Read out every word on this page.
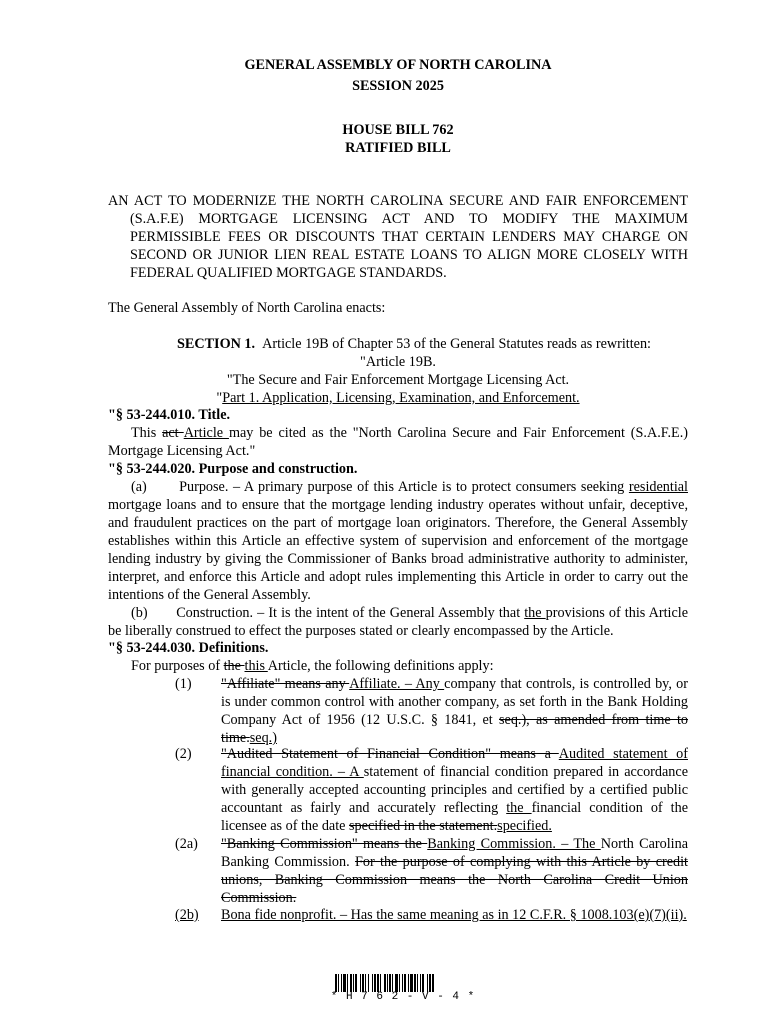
GENERAL ASSEMBLY OF NORTH CAROLINA
SESSION 2025
HOUSE BILL 762
RATIFIED BILL
AN ACT TO MODERNIZE THE NORTH CAROLINA SECURE AND FAIR ENFORCEMENT (S.A.F.E) MORTGAGE LICENSING ACT AND TO MODIFY THE MAXIMUM PERMISSIBLE FEES OR DISCOUNTS THAT CERTAIN LENDERS MAY CHARGE ON SECOND OR JUNIOR LIEN REAL ESTATE LOANS TO ALIGN MORE CLOSELY WITH FEDERAL QUALIFIED MORTGAGE STANDARDS.
The General Assembly of North Carolina enacts:
SECTION 1. Article 19B of Chapter 53 of the General Statutes reads as rewritten:
"Article 19B.
"The Secure and Fair Enforcement Mortgage Licensing Act.
"Part 1. Application, Licensing, Examination, and Enforcement.
"§ 53-244.010. Title.
This act Article may be cited as the "North Carolina Secure and Fair Enforcement (S.A.F.E.) Mortgage Licensing Act."
"§ 53-244.020. Purpose and construction.
(a) Purpose. – A primary purpose of this Article is to protect consumers seeking residential mortgage loans and to ensure that the mortgage lending industry operates without unfair, deceptive, and fraudulent practices on the part of mortgage loan originators. Therefore, the General Assembly establishes within this Article an effective system of supervision and enforcement of the mortgage lending industry by giving the Commissioner of Banks broad administrative authority to administer, interpret, and enforce this Article and adopt rules implementing this Article in order to carry out the intentions of the General Assembly.
(b) Construction. – It is the intent of the General Assembly that the provisions of this Article be liberally construed to effect the purposes stated or clearly encompassed by the Article.
"§ 53-244.030. Definitions.
For purposes of the this Article, the following definitions apply:
(1) "Affiliate" means any Affiliate. – Any company that controls, is controlled by, or is under common control with another company, as set forth in the Bank Holding Company Act of 1956 (12 U.S.C. § 1841, et seq.), as amended from time to time.seq.)
(2) "Audited Statement of Financial Condition" means a Audited statement of financial condition. – A statement of financial condition prepared in accordance with generally accepted accounting principles and certified by a certified public accountant as fairly and accurately reflecting the financial condition of the licensee as of the date specified in the statement.specified.
(2a) "Banking Commission" means the Banking Commission. – The North Carolina Banking Commission. For the purpose of complying with this Article by credit unions, Banking Commission means the North Carolina Credit Union Commission.
(2b) Bona fide nonprofit. – Has the same meaning as in 12 C.F.R. § 1008.103(e)(7)(ii).
* H 7 6 2 - V - 4 *
